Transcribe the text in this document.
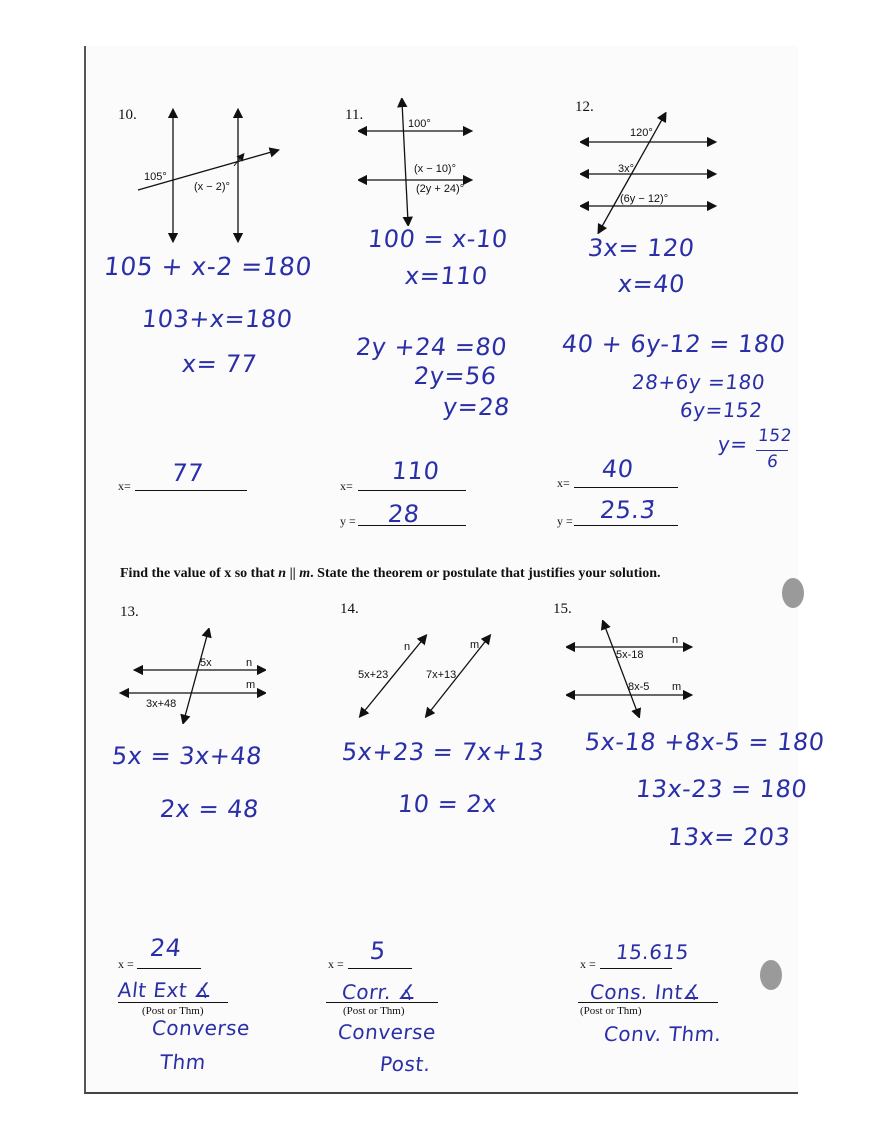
10.
105°
(x − 2)°
105 + x-2 =180
103+x=180
x= 77
x= 77
11.
100°
(x − 10)°
(2y + 24)°
100 = x-10
x=110
2y +24 =80
2y=56
y=28
x=
110
y = 28
12.
120°
3x°
(6y − 12)°
3x= 120
x=40
40 + 6y-12 = 180
28+6y =180
6y=152
y= 152
6
x= 40
y = 25.3̄
Find the value of x so that n || m. State the theorem or postulate that justifies your solution.
13.
5x	n
m
3x+48
5x = 3x+48
2x = 48
x =
24
Alt Ext ∡
(Post or Thm)
Converse
Thm
14.
n	m
5x+23	7x+13
5x+23 = 7x+13
10 = 2x
x = 5
Corr. ∡
(Post or Thm)
Converse
Post.
15.
n
5x-18
8x-5 m
5x-18 +8x-5 = 180
13x-23 = 180
13x= 203
x = 15.615
Cons. Int∡
(Post or Thm)
Conv. Thm.
